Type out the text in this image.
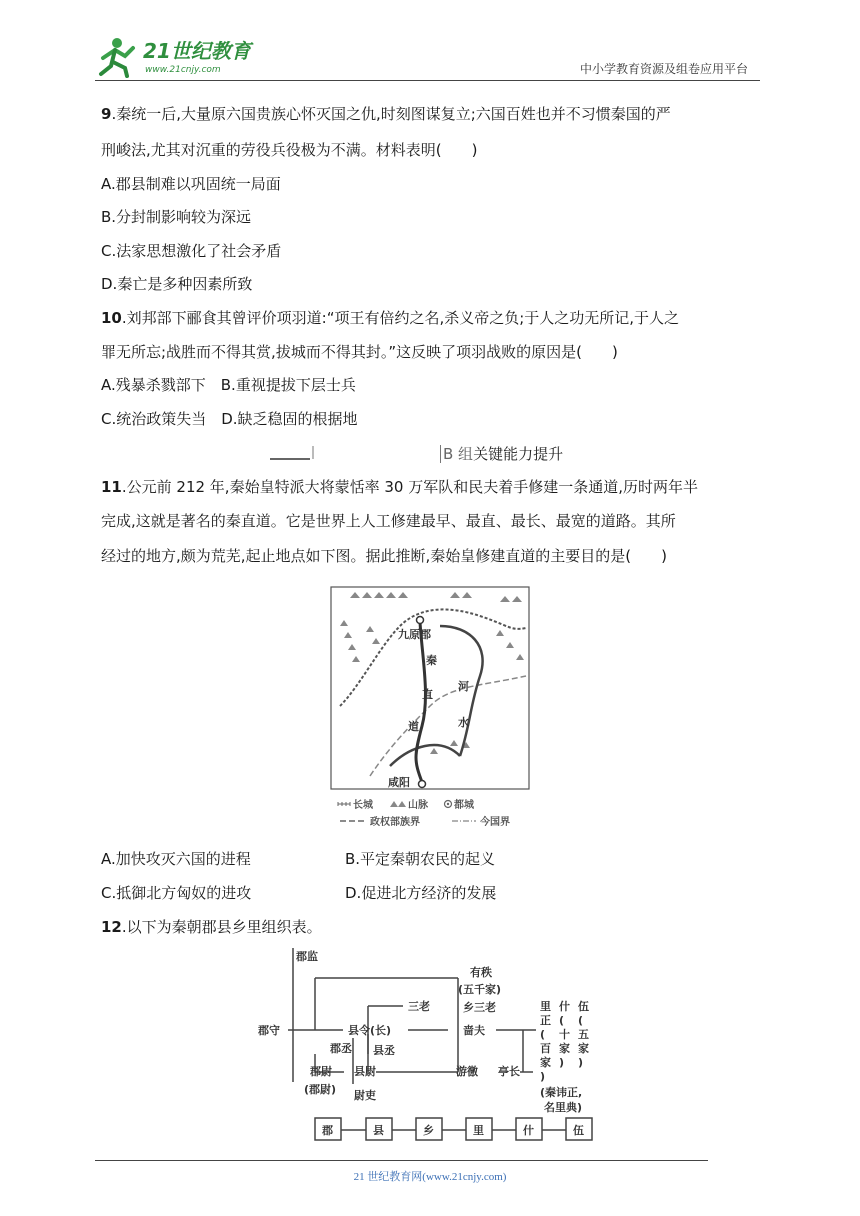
21世纪教育
www.21cnjy.com	中小学教育资源及组卷应用平台
9.秦统一后,大量原六国贵族心怀灭国之仇,时刻图谋复立;六国百姓也并不习惯秦国的严
刑峻法,尤其对沉重的劳役兵役极为不满。材料表明(　　)
A.郡县制难以巩固统一局面
B.分封制影响较为深远
C.法家思想激化了社会矛盾
D.秦亡是多种因素所致
10.刘邦部下郦食其曾评价项羽道:“项王有倍约之名,杀义帝之负;于人之功无所记,于人之
罪无所忘;战胜而不得其赏,拔城而不得其封。”这反映了项羽战败的原因是(　　)
A.残暴杀戮部下　B.重视提拔下层士兵
C.统治政策失当　D.缺乏稳固的根据地
B 组关键能力提升
11.公元前 212 年,秦始皇特派大将蒙恬率 30 万军队和民夫着手修建一条通道,历时两年半
完成,这就是著名的秦直道。它是世界上人工修建最早、最直、最长、最宽的道路。其所
经过的地方,颇为荒芜,起止地点如下图。据此推断,秦始皇修建直道的主要目的是(　　)
九原郡
秦
直
道
咸阳
河
水
长城	山脉	都城
政权部族界	今国界
A.加快攻灭六国的进程	B.平定秦朝农民的起义
C.抵御北方匈奴的进攻	D.促进北方经济的发展
12.以下为秦朝郡县乡里组织表。
郡监
郡守
郡丞
郡尉
(郡尉)
县令(长)
县丞
县尉
尉吏
三老
有秩
(五千家)
乡三老
啬夫
游徼 亭长
里
正
(
百
家
)
什
(
十
家
)
伍
(
五
家
)
(秦讳正,
名里典)
郡	县	乡	里	什	伍
21 世纪教育网(www.21cnjy.com)
